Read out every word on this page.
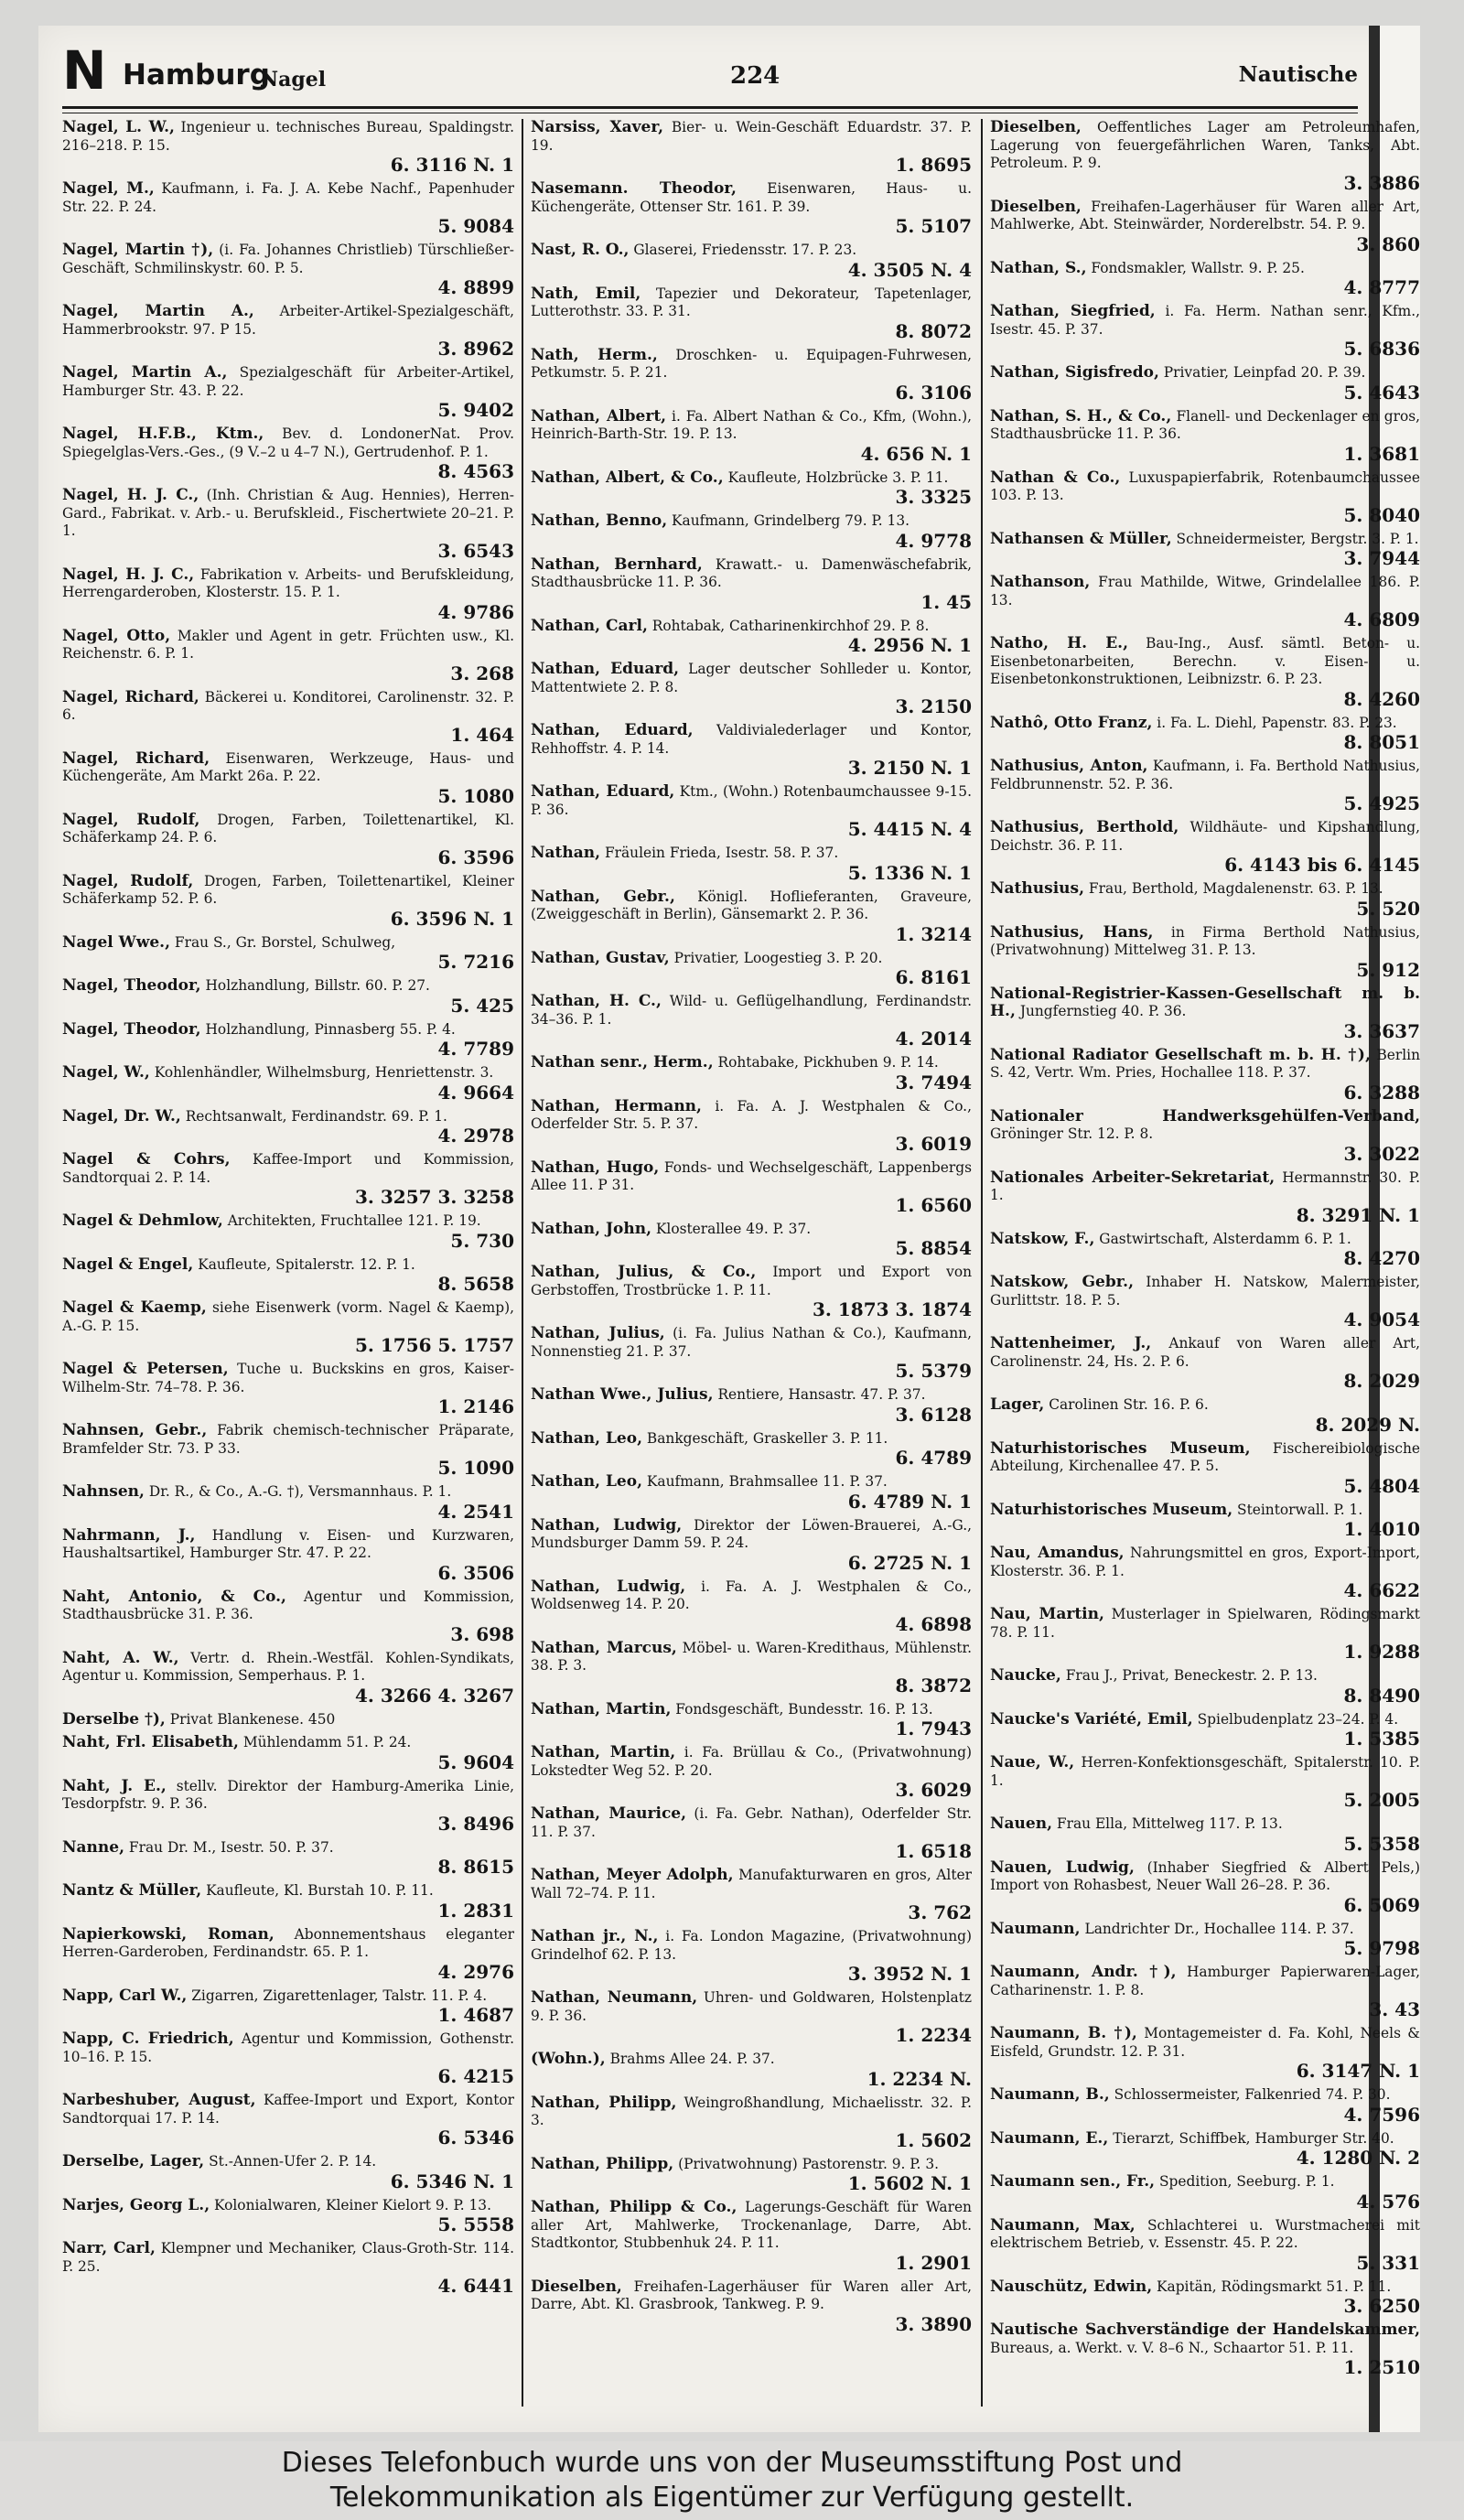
N Hamburg
Nagel	224	Nautische
Nagel, L. W., Ingenieur u. technisches Bureau, Spaldingstr. 216–218. P. 15.
6. 3116 N. 1
Nagel, M., Kaufmann, i. Fa. J. A. Kebe Nachf., Papenhuder Str. 22. P. 24.
5. 9084
Nagel, Martin †), (i. Fa. Johannes Christlieb) Türschließer-Geschäft, Schmilinskystr. 60. P. 5.
4. 8899
Nagel, Martin A., Arbeiter-Artikel-Spezialgeschäft, Hammerbrookstr. 97. P 15.
3. 8962
Nagel, Martin A., Spezialgeschäft für Arbeiter-Artikel, Hamburger Str. 43. P. 22.
5. 9402
Nagel, H.F.B., Ktm., Bev. d. LondonerNat. Prov. Spiegelglas-Vers.-Ges., (9 V.–2 u 4–7 N.), Gertrudenhof. P. 1.
8. 4563
Nagel, H. J. C., (Inh. Christian & Aug. Hennies), Herren-Gard., Fabrikat. v. Arb.- u. Berufskleid., Fischertwiete 20–21. P. 1.
3. 6543
Nagel, H. J. C., Fabrikation v. Arbeits- und Berufskleidung, Herrengarderoben, Klosterstr. 15. P. 1.
4. 9786
Nagel, Otto, Makler und Agent in getr. Früchten usw., Kl. Reichenstr. 6. P. 1.
3. 268
Nagel, Richard, Bäckerei u. Konditorei, Carolinenstr. 32. P. 6.
1. 464
Nagel, Richard, Eisenwaren, Werkzeuge, Haus- und Küchengeräte, Am Markt 26a. P. 22.
5. 1080
Nagel, Rudolf, Drogen, Farben, Toilettenartikel, Kl. Schäferkamp 24. P. 6.
6. 3596
Nagel, Rudolf, Drogen, Farben, Toilettenartikel, Kleiner Schäferkamp 52. P. 6.
6. 3596 N. 1
Nagel Wwe., Frau S., Gr. Borstel, Schulweg,
5. 7216
Nagel, Theodor, Holzhandlung, Billstr. 60. P. 27.
5. 425
Nagel, Theodor, Holzhandlung, Pinnasberg 55. P. 4.
4. 7789
Nagel, W., Kohlenhändler, Wilhelmsburg, Henriettenstr. 3.
4. 9664
Nagel, Dr. W., Rechtsanwalt, Ferdinandstr. 69. P. 1.
4. 2978
Nagel & Cohrs, Kaffee-Import und Kommission, Sandtorquai 2. P. 14.
3. 3257 3. 3258
Nagel & Dehmlow, Architekten, Fruchtallee 121. P. 19.
5. 730
Nagel & Engel, Kaufleute, Spitalerstr. 12. P. 1.
8. 5658
Nagel & Kaemp, siehe Eisenwerk (vorm. Nagel & Kaemp), A.-G. P. 15.
5. 1756 5. 1757
Nagel & Petersen, Tuche u. Buckskins en gros, Kaiser-Wilhelm-Str. 74–78. P. 36.
1. 2146
Nahnsen, Gebr., Fabrik chemisch-technischer Präparate, Bramfelder Str. 73. P 33.
5. 1090
Nahnsen, Dr. R., & Co., A.-G. †), Versmannhaus. P. 1.
4. 2541
Nahrmann, J., Handlung v. Eisen- und Kurzwaren, Haushaltsartikel, Hamburger Str. 47. P. 22.
6. 3506
Naht, Antonio, & Co., Agentur und Kommission, Stadthausbrücke 31. P. 36.
3. 698
Naht, A. W., Vertr. d. Rhein.-Westfäl. Kohlen-Syndikats, Agentur u. Kommission, Semperhaus. P. 1.
4. 3266 4. 3267
Derselbe †), Privat Blankenese. 450
Naht, Frl. Elisabeth, Mühlendamm 51. P. 24.
5. 9604
Naht, J. E., stellv. Direktor der Hamburg-Amerika Linie, Tesdorpfstr. 9. P. 36.
3. 8496
Nanne, Frau Dr. M., Isestr. 50. P. 37.
8. 8615
Nantz & Müller, Kaufleute, Kl. Burstah 10. P. 11.
1. 2831
Napierkowski, Roman, Abonnementshaus eleganter Herren-Garderoben, Ferdinandstr. 65. P. 1.
4. 2976
Napp, Carl W., Zigarren, Zigarettenlager, Talstr. 11. P. 4.
1. 4687
Napp, C. Friedrich, Agentur und Kommission, Gothenstr. 10–16. P. 15.
6. 4215
Narbeshuber, August, Kaffee-Import und Export, Kontor Sandtorquai 17. P. 14.
6. 5346
Derselbe, Lager, St.-Annen-Ufer 2. P. 14.
6. 5346 N. 1
Narjes, Georg L., Kolonialwaren, Kleiner Kielort 9. P. 13.
5. 5558
Narr, Carl, Klempner und Mechaniker, Claus-Groth-Str. 114. P. 25.
4. 6441
Narsiss, Xaver, Bier- u. Wein-Geschäft Eduardstr. 37. P. 19.
1. 8695
Nasemann. Theodor, Eisenwaren, Haus- u. Küchengeräte, Ottenser Str. 161. P. 39.
5. 5107
Nast, R. O., Glaserei, Friedensstr. 17. P. 23.
4. 3505 N. 4
Nath, Emil, Tapezier und Dekorateur, Tapetenlager, Lutterothstr. 33. P. 31.
8. 8072
Nath, Herm., Droschken- u. Equipagen-Fuhrwesen, Petkumstr. 5. P. 21.
6. 3106
Nathan, Albert, i. Fa. Albert Nathan & Co., Kfm, (Wohn.), Heinrich-Barth-Str. 19. P. 13.
4. 656 N. 1
Nathan, Albert, & Co., Kaufleute, Holzbrücke 3. P. 11.
3. 3325
Nathan, Benno, Kaufmann, Grindelberg 79. P. 13.
4. 9778
Nathan, Bernhard, Krawatt.- u. Damenwäschefabrik, Stadthausbrücke 11. P. 36.
1. 45
Nathan, Carl, Rohtabak, Catharinenkirchhof 29. P. 8.
4. 2956 N. 1
Nathan, Eduard, Lager deutscher Sohlleder u. Kontor, Mattentwiete 2. P. 8.
3. 2150
Nathan, Eduard, Valdivialederlager und Kontor, Rehhoffstr. 4. P. 14.
3. 2150 N. 1
Nathan, Eduard, Ktm., (Wohn.) Rotenbaumchaussee 9-15. P. 36.
5. 4415 N. 4
Nathan, Fräulein Frieda, Isestr. 58. P. 37.
5. 1336 N. 1
Nathan, Gebr., Königl. Hoflieferanten, Graveure, (Zweiggeschäft in Berlin), Gänsemarkt 2. P. 36.
1. 3214
Nathan, Gustav, Privatier, Loogestieg 3. P. 20.
6. 8161
Nathan, H. C., Wild- u. Geflügelhandlung, Ferdinandstr. 34–36. P. 1.
4. 2014
Nathan senr., Herm., Rohtabake, Pickhuben 9. P. 14.
3. 7494
Nathan, Hermann, i. Fa. A. J. Westphalen & Co., Oderfelder Str. 5. P. 37.
3. 6019
Nathan, Hugo, Fonds- und Wechselgeschäft, Lappenbergs Allee 11. P 31.
1. 6560
Nathan, John, Klosterallee 49. P. 37.
5. 8854
Nathan, Julius, & Co., Import und Export von Gerbstoffen, Trostbrücke 1. P. 11.
3. 1873 3. 1874
Nathan, Julius, (i. Fa. Julius Nathan & Co.), Kaufmann, Nonnenstieg 21. P. 37.
5. 5379
Nathan Wwe., Julius, Rentiere, Hansastr. 47. P. 37.
3. 6128
Nathan, Leo, Bankgeschäft, Graskeller 3. P. 11.
6. 4789
Nathan, Leo, Kaufmann, Brahmsallee 11. P. 37.
6. 4789 N. 1
Nathan, Ludwig, Direktor der Löwen-Brauerei, A.-G., Mundsburger Damm 59. P. 24.
6. 2725 N. 1
Nathan, Ludwig, i. Fa. A. J. Westphalen & Co., Woldsenweg 14. P. 20.
4. 6898
Nathan, Marcus, Möbel- u. Waren-Kredithaus, Mühlenstr. 38. P. 3.
8. 3872
Nathan, Martin, Fondsgeschäft, Bundesstr. 16. P. 13.
1. 7943
Nathan, Martin, i. Fa. Brüllau & Co., (Privatwohnung) Lokstedter Weg 52. P. 20.
3. 6029
Nathan, Maurice, (i. Fa. Gebr. Nathan), Oderfelder Str. 11. P. 37.
1. 6518
Nathan, Meyer Adolph, Manufakturwaren en gros, Alter Wall 72–74. P. 11.
3. 762
Nathan jr., N., i. Fa. London Magazine, (Privatwohnung) Grindelhof 62. P. 13.
3. 3952 N. 1
Nathan, Neumann, Uhren- und Goldwaren, Holstenplatz 9. P. 36.
1. 2234
(Wohn.), Brahms Allee 24. P. 37.
1. 2234 N.
Nathan, Philipp, Weingroßhandlung, Michaelisstr. 32. P. 3.
1. 5602
Nathan, Philipp, (Privatwohnung) Pastorenstr. 9. P. 3.
1. 5602 N. 1
Nathan, Philipp & Co., Lagerungs-Geschäft für Waren aller Art, Mahlwerke, Trockenanlage, Darre, Abt. Stadtkontor, Stubbenhuk 24. P. 11.
1. 2901
Dieselben, Freihafen-Lagerhäuser für Waren aller Art, Darre, Abt. Kl. Grasbrook, Tankweg. P. 9.
3. 3890
Dieselben, Oeffentliches Lager am Petroleumhafen, Lagerung von feuergefährlichen Waren, Tanks, Abt. Petroleum. P. 9.
3. 3886
Dieselben, Freihafen-Lagerhäuser für Waren aller Art, Mahlwerke, Abt. Steinwärder, Norderelbstr. 54. P. 9.
3. 860
Nathan, S., Fondsmakler, Wallstr. 9. P. 25.
4. 8777
Nathan, Siegfried, i. Fa. Herm. Nathan senr., Kfm., Isestr. 45. P. 37.
5. 6836
Nathan, Sigisfredo, Privatier, Leinpfad 20. P. 39.
5. 4643
Nathan, S. H., & Co., Flanell- und Deckenlager en gros, Stadthausbrücke 11. P. 36.
1. 3681
Nathan & Co., Luxuspapierfabrik, Rotenbaumchaussee 103. P. 13.
5. 8040
Nathansen & Müller, Schneidermeister, Bergstr. 3. P. 1.
3. 7944
Nathanson, Frau Mathilde, Witwe, Grindelallee 186. P. 13.
4. 6809
Natho, H. E., Bau-Ing., Ausf. sämtl. Beton- u. Eisenbetonarbeiten, Berechn. v. Eisen- u. Eisenbetonkonstruktionen, Leibnizstr. 6. P. 23.
8. 4260
Nathô, Otto Franz, i. Fa. L. Diehl, Papenstr. 83. P. 23.
8. 8051
Nathusius, Anton, Kaufmann, i. Fa. Berthold Nathusius, Feldbrunnenstr. 52. P. 36.
5. 4925
Nathusius, Berthold, Wildhäute- und Kipshandlung, Deichstr. 36. P. 11.
6. 4143 bis 6. 4145
Nathusius, Frau, Berthold, Magdalenenstr. 63. P. 13.
5. 520
Nathusius, Hans, in Firma Berthold Nathusius, (Privatwohnung) Mittelweg 31. P. 13.
5. 912
National-Registrier-Kassen-Gesellschaft m. b. H., Jungfernstieg 40. P. 36.
3. 3637
National Radiator Gesellschaft m. b. H. †), Berlin S. 42, Vertr. Wm. Pries, Hochallee 118. P. 37.
6. 3288
Nationaler Handwerksgehülfen-Verband, Gröninger Str. 12. P. 8.
3. 3022
Nationales Arbeiter-Sekretariat, Hermannstr. 30. P. 1.
8. 3291 N. 1
Natskow, F., Gastwirtschaft, Alsterdamm 6. P. 1.
8. 4270
Natskow, Gebr., Inhaber H. Natskow, Malermeister, Gurlittstr. 18. P. 5.
4. 9054
Nattenheimer, J., Ankauf von Waren aller Art, Carolinenstr. 24, Hs. 2. P. 6.
8. 2029
Lager, Carolinen Str. 16. P. 6.
8. 2029 N.
Naturhistorisches Museum, Fischereibiologische Abteilung, Kirchenallee 47. P. 5.
5. 4804
Naturhistorisches Museum, Steintorwall. P. 1.
1. 4010
Nau, Amandus, Nahrungsmittel en gros, Export-Import, Klosterstr. 36. P. 1.
4. 6622
Nau, Martin, Musterlager in Spielwaren, Rödingsmarkt 78. P. 11.
1. 9288
Naucke, Frau J., Privat, Beneckestr. 2. P. 13.
8. 8490
Naucke's Variété, Emil, Spielbudenplatz 23–24. P. 4.
1. 5385
Naue, W., Herren-Konfektionsgeschäft, Spitalerstr. 10. P. 1.
5. 2005
Nauen, Frau Ella, Mittelweg 117. P. 13.
5. 5358
Nauen, Ludwig, (Inhaber Siegfried & Albert Pels,) Import von Rohasbest, Neuer Wall 26–28. P. 36.
6. 5069
Naumann, Landrichter Dr., Hochallee 114. P. 37.
5. 9798
Naumann, Andr. †), Hamburger Papierwaren-Lager, Catharinenstr. 1. P. 8.
3. 43
Naumann, B. †), Montagemeister d. Fa. Kohl, Neels & Eisfeld, Grundstr. 12. P. 31.
6. 3147 N. 1
Naumann, B., Schlossermeister, Falkenried 74. P. 30.
4. 7596
Naumann, E., Tierarzt, Schiffbek, Hamburger Str. 40.
4. 1280 N. 2
Naumann sen., Fr., Spedition, Seeburg. P. 1.
4. 576
Naumann, Max, Schlachterei u. Wurstmacherei mit elektrischem Betrieb, v. Essenstr. 45. P. 22.
5. 331
Nauschütz, Edwin, Kapitän, Rödingsmarkt 51. P. 11.
3. 6250
Nautische Sachverständige der Handelskammer, Bureaus, a. Werkt. v. V. 8–6 N., Schaartor 51. P. 11.
1. 2510
Dieses Telefonbuch wurde uns von der Museumsstiftung Post und
Telekommunikation als Eigentümer zur Verfügung gestellt.
